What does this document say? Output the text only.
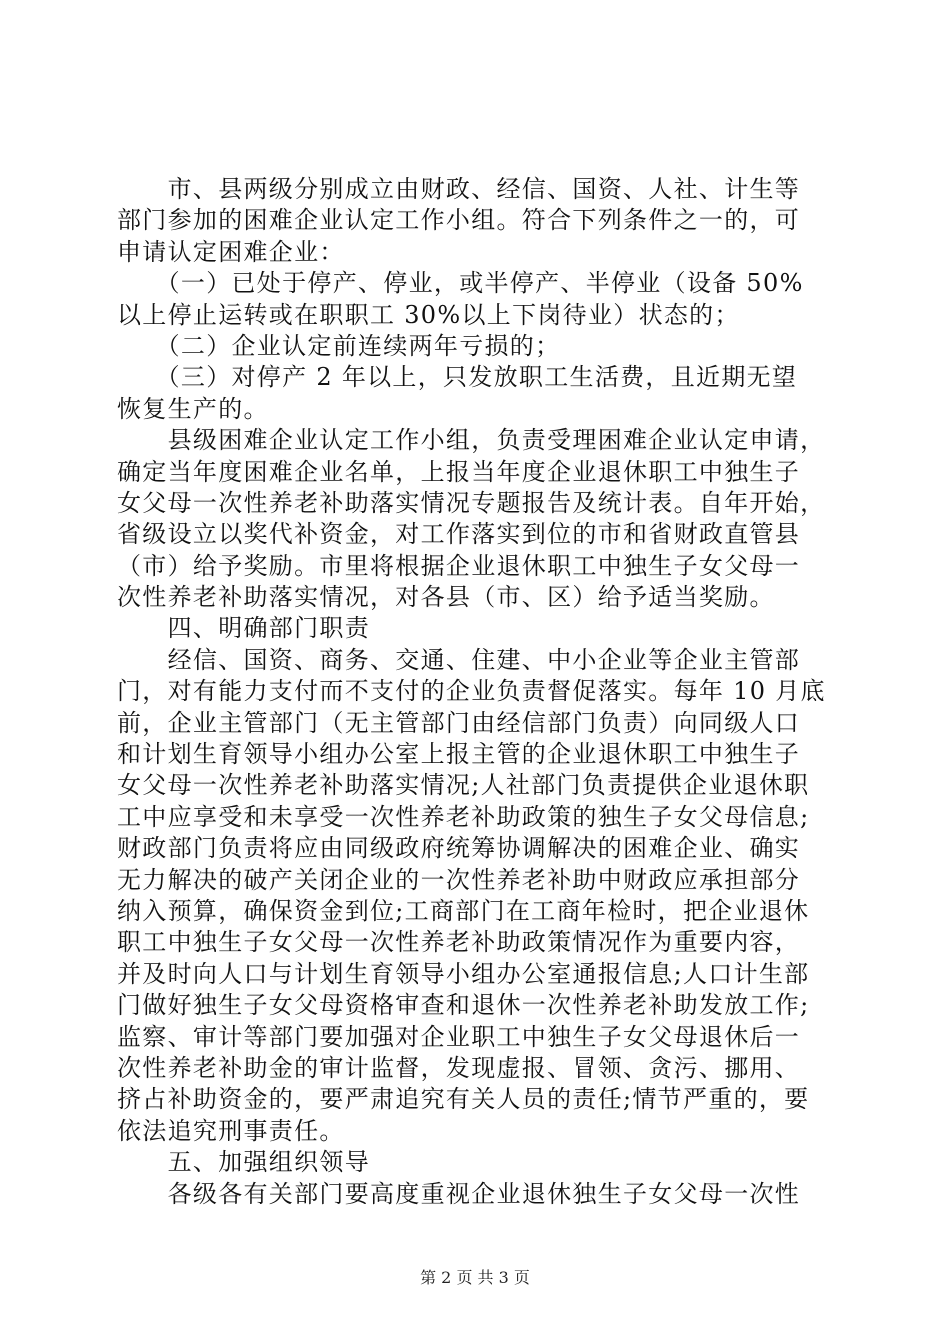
　　市、县两级分别成立由财政、经信、国资、人社、计生等
部门参加的困难企业认定工作小组。符合下列条件之一的，可
申请认定困难企业：
　　（一）已处于停产、停业，或半停产、半停业（设备 50%
以上停止运转或在职职工 30%以上下岗待业）状态的；
　　（二）企业认定前连续两年亏损的；
　　（三）对停产 2 年以上，只发放职工生活费，且近期无望
恢复生产的。
　　县级困难企业认定工作小组，负责受理困难企业认定申请，
确定当年度困难企业名单，上报当年度企业退休职工中独生子
女父母一次性养老补助落实情况专题报告及统计表。自年开始，
省级设立以奖代补资金，对工作落实到位的市和省财政直管县
（市）给予奖励。市里将根据企业退休职工中独生子女父母一
次性养老补助落实情况，对各县（市、区）给予适当奖励。
　　四、明确部门职责
　　经信、国资、商务、交通、住建、中小企业等企业主管部
门，对有能力支付而不支付的企业负责督促落实。每年 10 月底
前，企业主管部门（无主管部门由经信部门负责）向同级人口
和计划生育领导小组办公室上报主管的企业退休职工中独生子
女父母一次性养老补助落实情况;人社部门负责提供企业退休职
工中应享受和未享受一次性养老补助政策的独生子女父母信息;
财政部门负责将应由同级政府统筹协调解决的困难企业、确实
无力解决的破产关闭企业的一次性养老补助中财政应承担部分
纳入预算，确保资金到位;工商部门在工商年检时，把企业退休
职工中独生子女父母一次性养老补助政策情况作为重要内容，
并及时向人口与计划生育领导小组办公室通报信息;人口计生部
门做好独生子女父母资格审查和退休一次性养老补助发放工作;
监察、审计等部门要加强对企业职工中独生子女父母退休后一
次性养老补助金的审计监督，发现虚报、冒领、贪污、挪用、
挤占补助资金的，要严肃追究有关人员的责任;情节严重的，要
依法追究刑事责任。
　　五、加强组织领导
　　各级各有关部门要高度重视企业退休独生子女父母一次性
第 2 页 共 3 页
